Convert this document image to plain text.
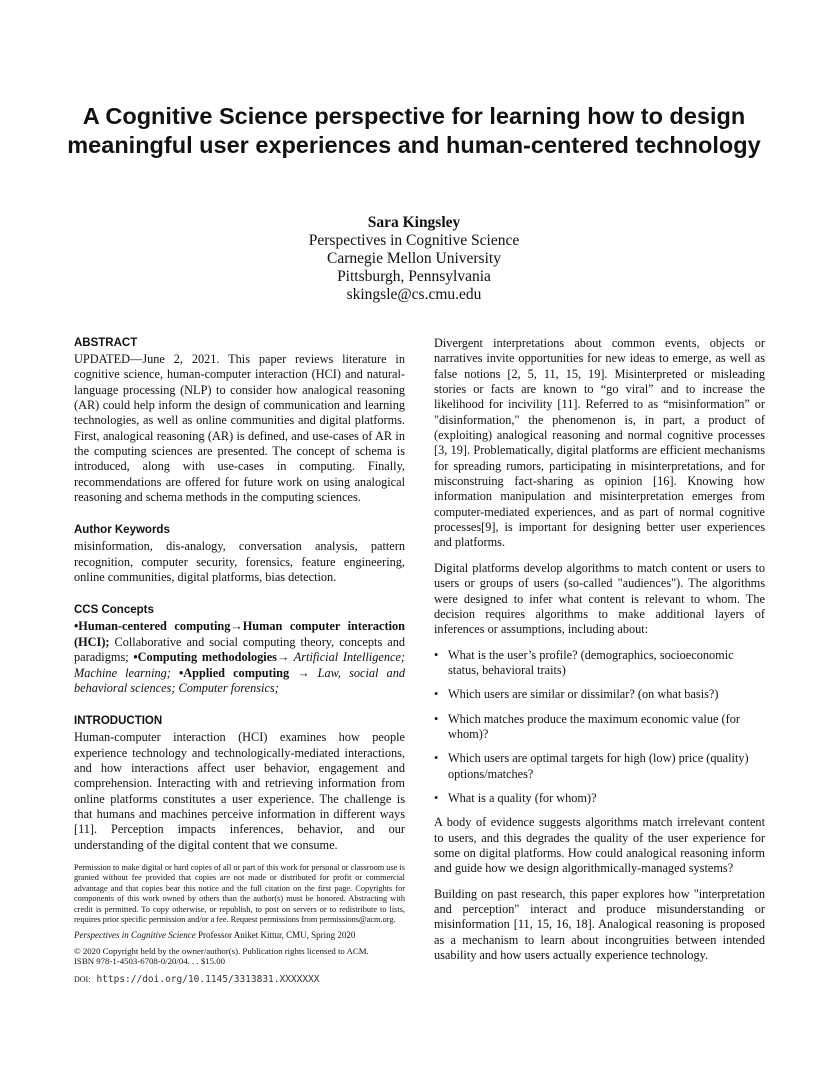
A Cognitive Science perspective for learning how to design meaningful user experiences and human-centered technology
Sara Kingsley
Perspectives in Cognitive Science
Carnegie Mellon University
Pittsburgh, Pennsylvania
skingsle@cs.cmu.edu
ABSTRACT

UPDATED—June 2, 2021. This paper reviews literature in cognitive science, human-computer interaction (HCI) and natural-language processing (NLP) to consider how analogical reasoning (AR) could help inform the design of communication and learning technologies, as well as online communities and digital platforms. First, analogical reasoning (AR) is defined, and use-cases of AR in the computing sciences are presented. The concept of schema is introduced, along with use-cases in computing. Finally, recommendations are offered for future work on using analogical reasoning and schema methods in the computing sciences.

Author Keywords

misinformation, dis-analogy, conversation analysis, pattern recognition, computer security, forensics, feature engineering, online communities, digital platforms, bias detection.

CCS Concepts

•Human-centered computing→Human computer interaction (HCI); Collaborative and social computing theory, concepts and paradigms; •Computing methodologies→ Artificial Intelligence; Machine learning; •Applied computing → Law, social and behavioral sciences; Computer forensics;

INTRODUCTION

Human-computer interaction (HCI) examines how people experience technology and technologically-mediated interactions, and how interactions affect user behavior, engagement and comprehension. Interacting with and retrieving information from online platforms constitutes a user experience. The challenge is that humans and machines perceive information in different ways [11]. Perception impacts inferences, behavior, and our understanding of the digital content that we consume.

Permission to make digital or hard copies of all or part of this work for personal or classroom use is granted without fee provided that copies are not made or distributed for profit or commercial advantage and that copies bear this notice and the full citation on the first page. Copyrights for components of this work owned by others than the author(s) must be honored. Abstracting with credit is permitted. To copy otherwise, or republish, to post on servers or to redistribute to lists, requires prior specific permission and/or a fee. Request permissions from permissions@acm.org.
Perspectives in Cognitive Science Professor Aniket Kittur, CMU, Spring 2020
© 2020 Copyright held by the owner/author(s). Publication rights licensed to ACM.
ISBN 978-1-4503-6708-0/20/04. . . $15.00
DOI: https://doi.org/10.1145/3313831.XXXXXXX

Divergent interpretations about common events, objects or narratives invite opportunities for new ideas to emerge, as well as false notions [2, 5, 11, 15, 19]. Misinterpreted or misleading stories or facts are known to “go viral” and to increase the likelihood for incivility [11]. Referred to as “misinformation” or "disinformation," the phenomenon is, in part, a product of (exploiting) analogical reasoning and normal cognitive processes [3, 19]. Problematically, digital platforms are efficient mechanisms for spreading rumors, participating in misinterpretations, and for misconstruing fact-sharing as opinion [16]. Knowing how information manipulation and misinterpretation emerges from computer-mediated experiences, and as part of normal cognitive processes[9], is important for designing better user experiences and platforms.

Digital platforms develop algorithms to match content or users to users or groups of users (so-called "audiences"). The algorithms were designed to infer what content is relevant to whom. The decision requires algorithms to make additional layers of inferences or assumptions, including about:

• What is the user’s profile? (demographics, socioeconomic status, behavioral traits)
• Which users are similar or dissimilar? (on what basis?)
• Which matches produce the maximum economic value (for whom)?
• Which users are optimal targets for high (low) price (quality) options/matches?
• What is a quality (for whom)?

A body of evidence suggests algorithms match irrelevant content to users, and this degrades the quality of the user experience for some on digital platforms. How could analogical reasoning inform and guide how we design algorithmically-managed systems?

Building on past research, this paper explores how "interpretation and perception" interact and produce misunderstanding or misinformation [11, 15, 16, 18]. Analogical reasoning is proposed as a mechanism to learn about incongruities between intended usability and how users actually experience technology.
